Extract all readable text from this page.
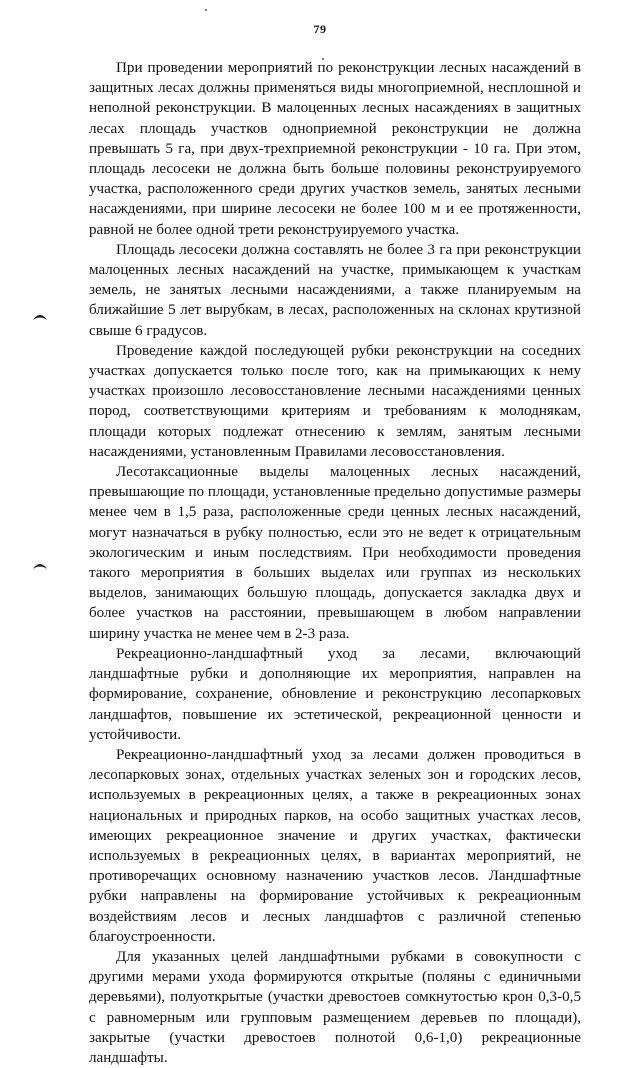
79

При проведении мероприятий по реконструкции лесных насаждений в защитных лесах должны применяться виды многоприемной, несплошной и неполной реконструкции. В малоценных лесных насаждениях в защитных лесах площадь участков одноприемной реконструкции не должна превышать 5 га, при двух-трехприемной реконструкции - 10 га. При этом, площадь лесосеки не должна быть больше половины реконструируемого участка, расположенного среди других участков земель, занятых лесными насаждениями, при ширине лесосеки не более 100 м и ее протяженности, равной не более одной трети реконструируемого участка.

Площадь лесосеки должна составлять не более 3 га при реконструкции малоценных лесных насаждений на участке, примыкающем к участкам земель, не занятых лесными насаждениями, а также планируемым на ближайшие 5 лет вырубкам, в лесах, расположенных на склонах крутизной свыше 6 градусов.

Проведение каждой последующей рубки реконструкции на соседних участках допускается только после того, как на примыкающих к нему участках произошло лесовосстановление лесными насаждениями ценных пород, соответствующими критериям и требованиям к молоднякам, площади которых подлежат отнесению к землям, занятым лесными насаждениями, установленным Правилами лесовосстановления.

Лесотаксационные выделы малоценных лесных насаждений, превышающие по площади, установленные предельно допустимые размеры менее чем в 1,5 раза, расположенные среди ценных лесных насаждений, могут назначаться в рубку полностью, если это не ведет к отрицательным экологическим и иным последствиям. При необходимости проведения такого мероприятия в больших выделах или группах из нескольких выделов, занимающих большую площадь, допускается закладка двух и более участков на расстоянии, превышающем в любом направлении ширину участка не менее чем в 2-3 раза.

Рекреационно-ландшафтный уход за лесами, включающий ландшафтные рубки и дополняющие их мероприятия, направлен на формирование, сохранение, обновление и реконструкцию лесопарковых ландшафтов, повышение их эстетической, рекреационной ценности и устойчивости.

Рекреационно-ландшафтный уход за лесами должен проводиться в лесопарковых зонах, отдельных участках зеленых зон и городских лесов, используемых в рекреационных целях, а также в рекреационных зонах национальных и природных парков, на особо защитных участках лесов, имеющих рекреационное значение и других участках, фактически используемых в рекреационных целях, в вариантах мероприятий, не противоречащих основному назначению участков лесов. Ландшафтные рубки направлены на формирование устойчивых к рекреационным воздействиям лесов и лесных ландшафтов с различной степенью благоустроенности.

Для указанных целей ландшафтными рубками в совокупности с другими мерами ухода формируются открытые (поляны с единичными деревьями), полуоткрытые (участки древостоев сомкнутостью крон 0,3-0,5 с равномерным или групповым размещением деревьев по площади), закрытые (участки древостоев полнотой 0,6-1,0) рекреационные ландшафты.
